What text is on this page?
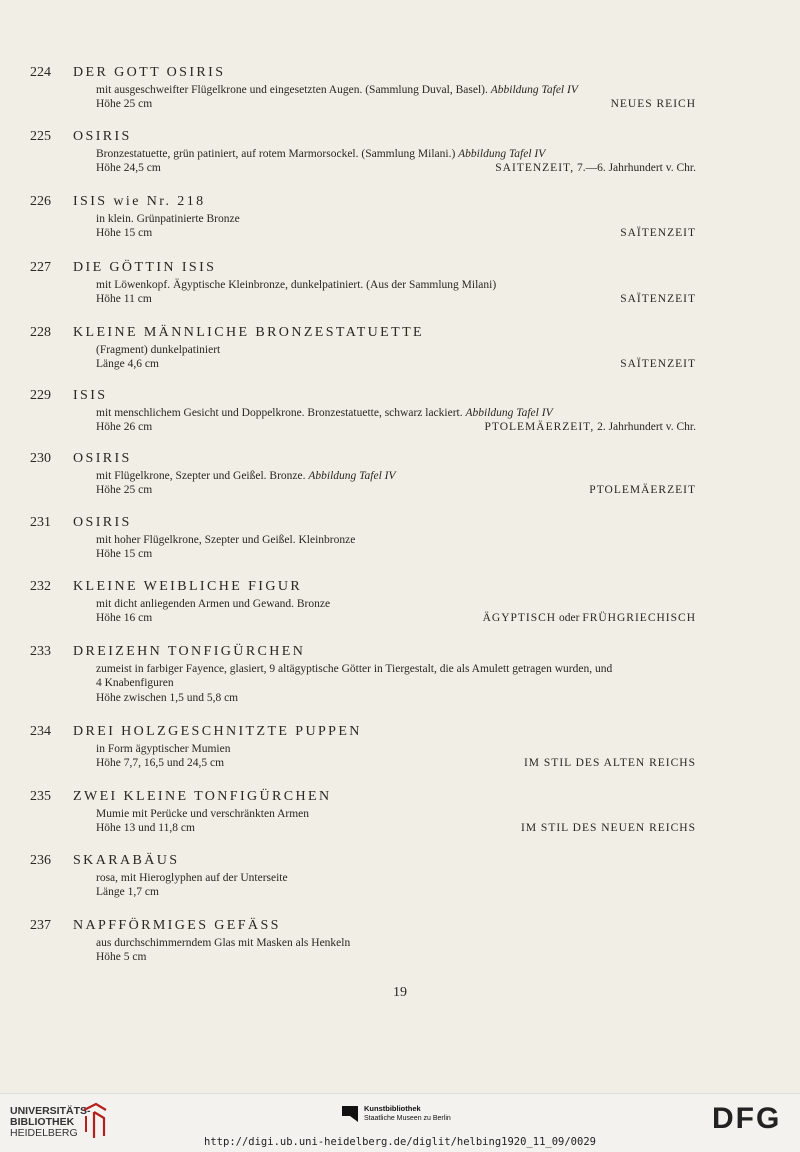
224	DER GOTT OSIRIS
mit ausgeschweifter Flügelkrone und eingesetzten Augen. (Sammlung Duval, Basel). Abbildung Tafel IV
Höhe 25 cm	NEUES REICH
225	OSIRIS
Bronzestatuette, grün patiniert, auf rotem Marmorsockel. (Sammlung Milani.) Abbildung Tafel IV
Höhe 24,5 cm	SAITENZEIT, 7.—6. Jahrhundert v. Chr.
226	ISIS wie Nr. 218
in klein. Grünpatinierte Bronze
Höhe 15 cm	SAÏTENZEIT
227	DIE GÖTTIN ISIS
mit Löwenkopf. Ägyptische Kleinbronze, dunkelpatiniert. (Aus der Sammlung Milani)
Höhe 11 cm	SAÏTENZEIT
228	KLEINE MÄNNLICHE BRONZESTATUETTE
(Fragment) dunkelpatiniert
Länge 4,6 cm	SAÏTENZEIT
229	ISIS
mit menschlichem Gesicht und Doppelkrone. Bronzestatuette, schwarz lackiert. Abbildung Tafel IV
Höhe 26 cm	PTOLEMÄERZEIT, 2. Jahrhundert v. Chr.
230	OSIRIS
mit Flügelkrone, Szepter und Geißel. Bronze. Abbildung Tafel IV
Höhe 25 cm	PTOLEMÄERZEIT
231	OSIRIS
mit hoher Flügelkrone, Szepter und Geißel. Kleinbronze
Höhe 15 cm
232	KLEINE WEIBLICHE FIGUR
mit dicht anliegenden Armen und Gewand. Bronze
Höhe 16 cm	ÄGYPTISCH oder FRÜHGRIECHISCH
233	DREIZEHN TONFIGÜRCHEN
zumeist in farbiger Fayence, glasiert, 9 altägyptische Götter in Tiergestalt, die als Amulett getragen wurden, und
4 Knabenfiguren
Höhe zwischen 1,5 und 5,8 cm
234	DREI HOLZGESCHNITZTE PUPPEN
in Form ägyptischer Mumien
Höhe 7,7, 16,5 und 24,5 cm	IM STIL DES ALTEN REICHS
235	ZWEI KLEINE TONFIGÜRCHEN
Mumie mit Perücke und verschränkten Armen
Höhe 13 und 11,8 cm	IM STIL DES NEUEN REICHS
236	SKARABÄUS
rosa, mit Hieroglyphen auf der Unterseite
Länge 1,7 cm
237	NAPFFÖRMIGES GEFÄSS
aus durchschimmerndem Glas mit Masken als Henkeln
Höhe 5 cm
19
UNIVERSITÄTS-
BIBLIOTHEK
HEIDELBERG
Kunstbibliothek
Staatliche Museen zu Berlin	DFG
http://digi.ub.uni-heidelberg.de/diglit/helbing1920_11_09/0029
